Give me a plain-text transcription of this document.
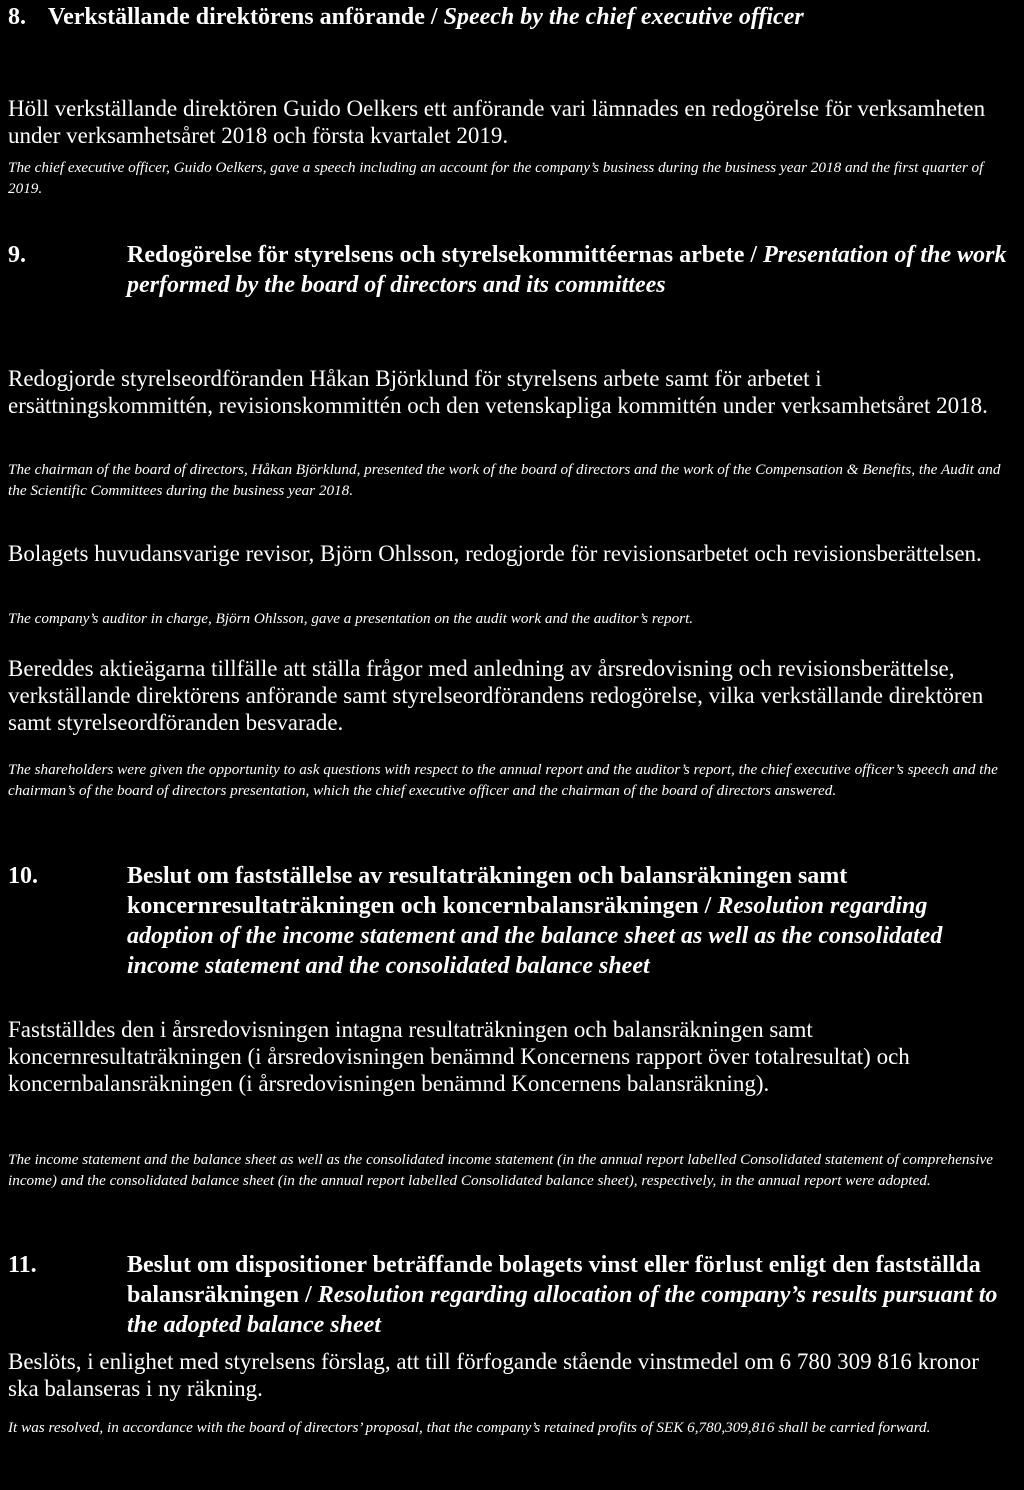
8. Verkställande direktörens anförande / Speech by the chief executive officer

Höll verkställande direktören Guido Oelkers ett anförande vari lämnades en redogörelse för verksamheten under verksamhetsåret 2018 och första kvartalet 2019.

The chief executive officer, Guido Oelkers, gave a speech including an account for the company’s business during the business year 2018 and the first quarter of 2019.

9.	Redogörelse för styrelsens och styrelsekommittéernas arbete / Presentation of the work performed by the board of directors and its committees

Redogjorde styrelseordföranden Håkan Björklund för styrelsens arbete samt för arbetet i ersättningskommittén, revisionskommittén och den vetenskapliga kommittén under verksamhetsåret 2018.

The chairman of the board of directors, Håkan Björklund, presented the work of the board of directors and the work of the Compensation & Benefits, the Audit and the Scientific Committees during the business year 2018.

Bolagets huvudansvarige revisor, Björn Ohlsson, redogjorde för revisionsarbetet och revisionsberättelsen.

The company’s auditor in charge, Björn Ohlsson, gave a presentation on the audit work and the auditor’s report.

Bereddes aktieägarna tillfälle att ställa frågor med anledning av årsredovisning och revisionsberättelse, verkställande direktörens anförande samt styrelseordförandens redogörelse, vilka verkställande direktören samt styrelseordföranden besvarade.

The shareholders were given the opportunity to ask questions with respect to the annual report and the auditor’s report, the chief executive officer’s speech and the chairman’s of the board of directors presentation, which the chief executive officer and the chairman of the board of directors answered.

10.	Beslut om fastställelse av resultaträkningen och balansräkningen samt koncernresultaträkningen och koncernbalansräkningen / Resolution regarding adoption of the income statement and the balance sheet as well as the consolidated income statement and the consolidated balance sheet

Fastställdes den i årsredovisningen intagna resultaträkningen och balansräkningen samt koncernresultaträkningen (i årsredovisningen benämnd Koncernens rapport över totalresultat) och koncernbalansräkningen (i årsredovisningen benämnd Koncernens balansräkning).

The income statement and the balance sheet as well as the consolidated income statement (in the annual report labelled Consolidated statement of comprehensive income) and the consolidated balance sheet (in the annual report labelled Consolidated balance sheet), respectively, in the annual report were adopted.

11.	Beslut om dispositioner beträffande bolagets vinst eller förlust enligt den fastställda balansräkningen / Resolution regarding allocation of the company’s results pursuant to the adopted balance sheet

Beslöts, i enlighet med styrelsens förslag, att till förfogande stående vinstmedel om 6 780 309 816 kronor ska balanseras i ny räkning.

It was resolved, in accordance with the board of directors’ proposal, that the company’s retained profits of SEK 6,780,309,816 shall be carried forward.
